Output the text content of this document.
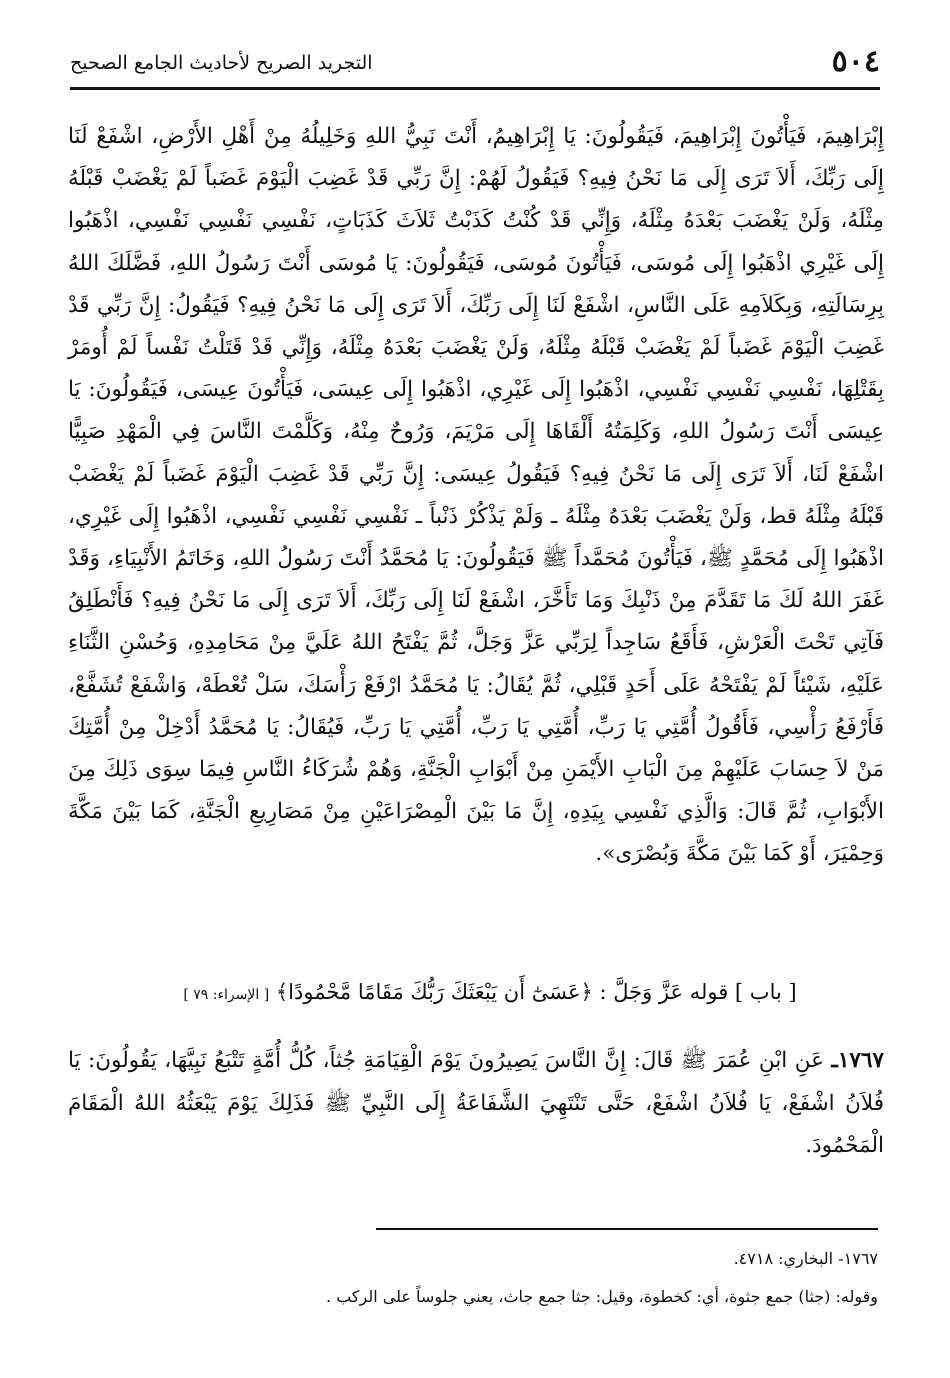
٥٠٤
التجريد الصريح لأحاديث الجامع الصحيح

إِبْرَاهِيمَ، فَيَأْتُونَ إِبْرَاهِيمَ، فَيَقُولُونَ: يَا إِبْرَاهِيمُ، أَنْتَ نَبِيُّ اللهِ وَخَلِيلُهُ مِنْ أَهْلِ الأَرْضِ، اشْفَعْ لَنَا إِلَى رَبِّكَ، أَلاَ تَرَى إِلَى مَا نَحْنُ فِيهِ؟ فَيَقُولُ لَهُمْ: إِنَّ رَبِّي قَدْ غَضِبَ الْيَوْمَ غَضَباً لَمْ يَغْضَبْ قَبْلَهُ مِثْلَهُ، وَلَنْ يَغْضَبَ بَعْدَهُ مِثْلَهُ، وَإِنِّي قَدْ كُنْتُ كَذَبْتُ ثَلاَثَ كَذَبَاتٍ، نَفْسِي نَفْسِي نَفْسِي، اذْهَبُوا إِلَى غَيْرِي اذْهَبُوا إِلَى مُوسَى، فَيَأْتُونَ مُوسَى، فَيَقُولُونَ: يَا مُوسَى أَنْتَ رَسُولُ اللهِ، فَضَّلَكَ اللهُ بِرِسَالَتِهِ، وَبِكَلاَمِهِ عَلَى النَّاسِ، اشْفَعْ لَنَا إِلَى رَبِّكَ، أَلاَ تَرَى إِلَى مَا نَحْنُ فِيهِ؟ فَيَقُولُ: إِنَّ رَبِّي قَدْ غَضِبَ الْيَوْمَ غَضَباً لَمْ يَغْضَبْ قَبْلَهُ مِثْلَهُ، وَلَنْ يَغْضَبَ بَعْدَهُ مِثْلَهُ، وَإِنِّي قَدْ قَتَلْتُ نَفْساً لَمْ أُومَرْ بِقَتْلِهَا، نَفْسِي نَفْسِي نَفْسِي، اذْهَبُوا إِلَى غَيْرِي، اذْهَبُوا إِلَى عِيسَى، فَيَأْتُونَ عِيسَى، فَيَقُولُونَ: يَا عِيسَى أَنْتَ رَسُولُ اللهِ، وَكَلِمَتُهُ أَلْقَاهَا إِلَى مَرْيَمَ، وَرُوحٌ مِنْهُ، وَكَلَّمْتَ النَّاسَ فِي الْمَهْدِ صَبِيًّا اشْفَعْ لَنَا، أَلاَ تَرَى إِلَى مَا نَحْنُ فِيهِ؟ فَيَقُولُ عِيسَى: إِنَّ رَبِّي قَدْ غَضِبَ الْيَوْمَ غَضَباً لَمْ يَغْضَبْ قَبْلَهُ مِثْلَهُ قط، وَلَنْ يَغْضَبَ بَعْدَهُ مِثْلَهُ ـ وَلَمْ يَذْكُرْ ذَنْباً ـ نَفْسِي نَفْسِي نَفْسِي، اذْهَبُوا إِلَى غَيْرِي، اذْهَبُوا إِلَى مُحَمَّدٍ ﷺ، فَيَأْتُونَ مُحَمَّداً ﷺ فَيَقُولُونَ: يَا مُحَمَّدُ أَنْتَ رَسُولُ اللهِ، وَخَاتَمُ الأَنْبِيَاءِ، وَقَدْ غَفَرَ اللهُ لَكَ مَا تَقَدَّمَ مِنْ ذَنْبِكَ وَمَا تَأَخَّرَ، اشْفَعْ لَنَا إِلَى رَبِّكَ، أَلاَ تَرَى إِلَى مَا نَحْنُ فِيهِ؟ فَأَنْطَلِقُ فَآتِي تَحْتَ الْعَرْشِ، فَأَقَعُ سَاجِداً لِرَبِّي عَزَّ وَجَلَّ، ثُمَّ يَفْتَحُ اللهُ عَلَيَّ مِنْ مَحَامِدِهِ، وَحُسْنِ الثَّنَاءِ عَلَيْهِ، شَيْئاً لَمْ يَفْتَحْهُ عَلَى أَحَدٍ قَبْلِي، ثُمَّ يُقَالُ: يَا مُحَمَّدُ ارْفَعْ رَأْسَكَ، سَلْ تُعْطَهْ، وَاشْفَعْ تُشَفَّعْ، فَأَرْفَعُ رَأْسِي، فَأَقُولُ أُمَّتِي يَا رَبِّ، أُمَّتِي يَا رَبِّ، أُمَّتِي يَا رَبِّ، فَيُقَالُ: يَا مُحَمَّدُ أَدْخِلْ مِنْ أُمَّتِكَ مَنْ لاَ حِسَابَ عَلَيْهِمْ مِنَ الْبَابِ الأَيْمَنِ مِنْ أَبْوَابِ الْجَنَّةِ، وَهُمْ شُرَكَاءُ النَّاسِ فِيمَا سِوَى ذَلِكَ مِنَ الأَبْوَابِ، ثُمَّ قَالَ: وَالَّذِي نَفْسِي بِيَدِهِ، إِنَّ مَا بَيْنَ الْمِصْرَاعَيْنِ مِنْ مَصَارِيعِ الْجَنَّةِ، كَمَا بَيْنَ مَكَّةَ وَحِمْيَرَ، أَوْ كَمَا بَيْنَ مَكَّةَ وَبُصْرَى».

[ باب ] قوله عَزَّ وَجَلَّ : ﴿عَسَىٰٓ أَن يَبْعَثَكَ رَبُّكَ مَقَامًا مَّحْمُودًا﴾ [ الإسراء: ٧٩ ]

١٧٦٧ـ عَنِ ابْنِ عُمَرَ ﷺ قَالَ: إِنَّ النَّاسَ يَصِيرُونَ يَوْمَ الْقِيَامَةِ جُثاً، كُلُّ أُمَّةٍ تَتْبَعُ نَبِيَّهَا، يَقُولُونَ: يَا فُلاَنُ اشْفَعْ، يَا فُلاَنُ اشْفَعْ، حَتَّى تَنْتَهِيَ الشَّفَاعَةُ إِلَى النَّبِيِّ ﷺ فَذَلِكَ يَوْمَ يَبْعَثُهُ اللهُ الْمَقَامَ الْمَحْمُودَ.

١٧٦٧- البخاري: ٤٧١٨.

وقوله: (جثا) جمع جثوة، أي: كخطوة، وقيل: جثا جمع جاث، يعني جلوساً على الركب .
